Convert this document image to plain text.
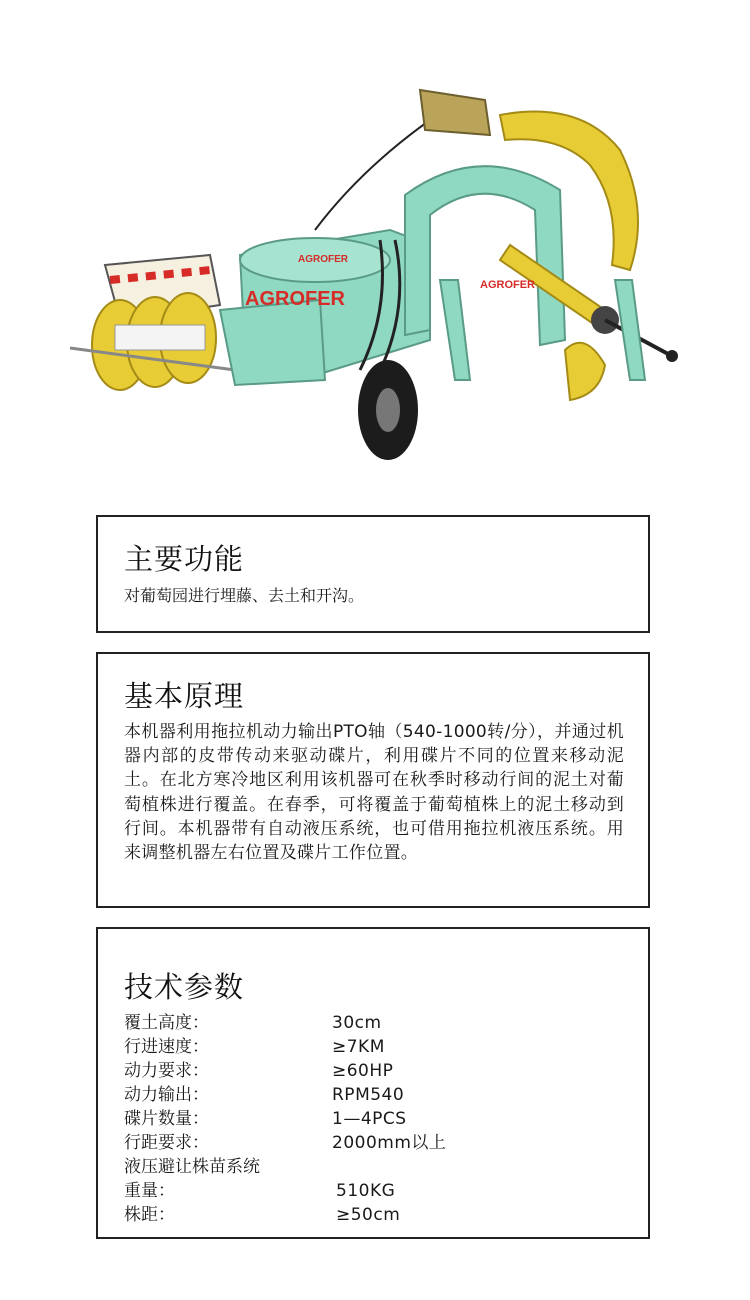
AGROFER
AGROFER
AGROFER
主要功能
对葡萄园进行埋藤、去土和开沟。
基本原理
本机器利用拖拉机动力输出PTO轴（540-1000转/分），并通过机器内部的皮带传动来驱动碟片，利用碟片不同的位置来移动泥土。在北方寒冷地区利用该机器可在秋季时移动行间的泥土对葡萄植株进行覆盖。在春季，可将覆盖于葡萄植株上的泥土移动到行间。本机器带有自动液压系统，也可借用拖拉机液压系统。用来调整机器左右位置及碟片工作位置。
技术参数
覆土高度：	30cm
行进速度：	≥7KM
动力要求：	≥60HP
动力输出：	RPM540
碟片数量：	1—4PCS
行距要求：	2000mm以上
液压避让株苗系统
重量：	510KG
株距：	≥50cm
